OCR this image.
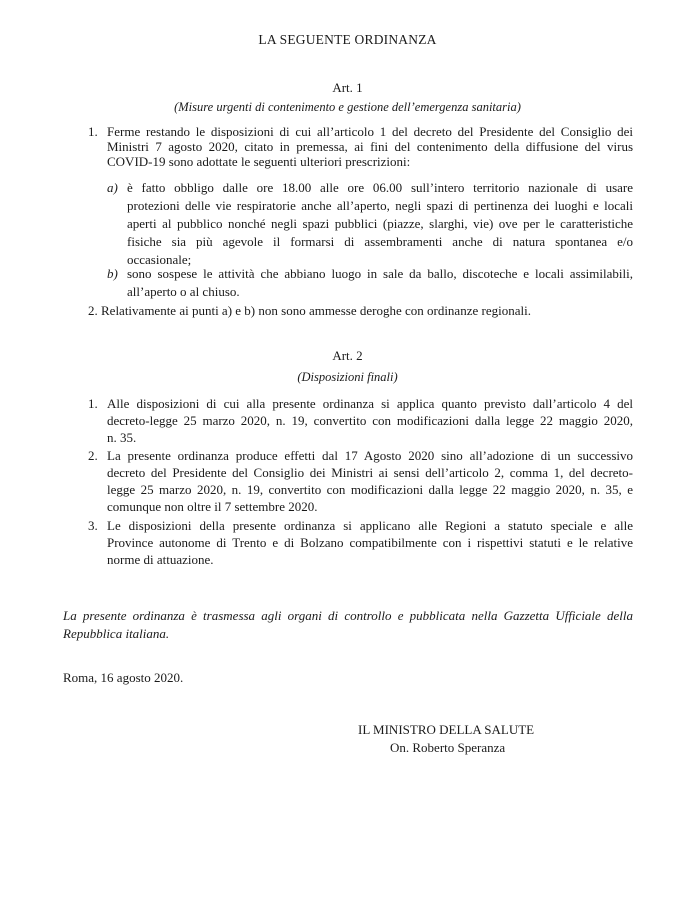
LA SEGUENTE ORDINANZA
Art. 1
(Misure urgenti di contenimento e gestione dell’emergenza sanitaria)
1. Ferme restando le disposizioni di cui all’articolo 1 del decreto del Presidente del Consiglio dei
Ministri 7 agosto 2020, citato in premessa, ai fini del contenimento della diffusione del virus
COVID-19 sono adottate le seguenti ulteriori prescrizioni:
a) è fatto obbligo dalle ore 18.00 alle ore 06.00 sull’intero territorio nazionale di usare
protezioni delle vie respiratorie anche all’aperto, negli spazi di pertinenza dei luoghi e locali
aperti al pubblico nonché negli spazi pubblici (piazze, slarghi, vie) ove per le caratteristiche
fisiche sia più agevole il formarsi di assembramenti anche di natura spontanea e/o
occasionale;
b) sono sospese le attività che abbiano luogo in sale da ballo, discoteche e locali assimilabili,
all’aperto o al chiuso.
2. Relativamente ai punti a) e b) non sono ammesse deroghe con ordinanze regionali.
Art. 2
(Disposizioni finali)
1. Alle disposizioni di cui alla presente ordinanza si applica quanto previsto dall’articolo 4 del
decreto-legge 25 marzo 2020, n. 19, convertito con modificazioni dalla legge 22 maggio 2020,
n. 35.
2. La presente ordinanza produce effetti dal 17 Agosto 2020 sino all’adozione di un successivo
decreto del Presidente del Consiglio dei Ministri ai sensi dell’articolo 2, comma 1, del decreto-
legge 25 marzo 2020, n. 19, convertito con modificazioni dalla legge 22 maggio 2020, n. 35, e
comunque non oltre il 7 settembre 2020.
3. Le disposizioni della presente ordinanza si applicano alle Regioni a statuto speciale e alle
Province autonome di Trento e di Bolzano compatibilmente con i rispettivi statuti e le relative
norme di attuazione.
La presente ordinanza è trasmessa agli organi di controllo e pubblicata nella Gazzetta Ufficiale della
Repubblica italiana.
Roma, 16 agosto 2020.
IL MINISTRO DELLA SALUTE
On. Roberto Speranza
